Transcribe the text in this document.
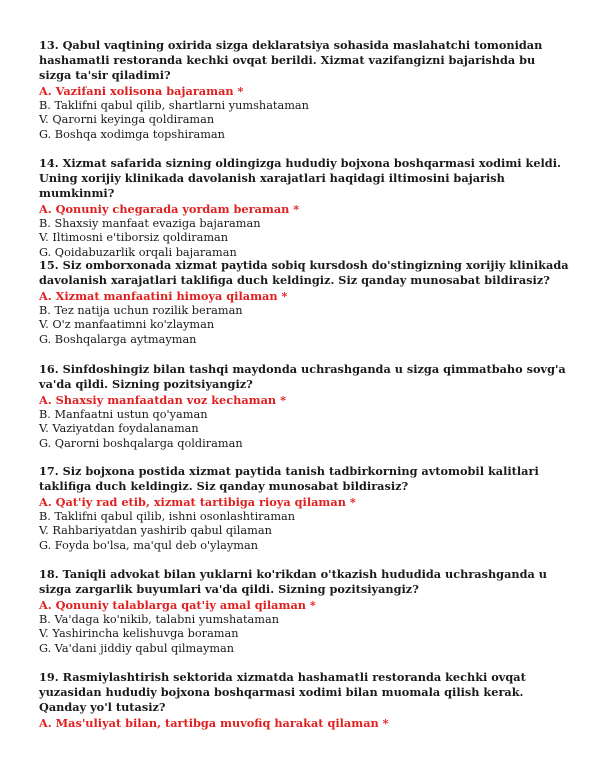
13. Qabul vaqtining oxirida sizga deklaratsiya sohasida maslahatchi tomonidan hashamatli restoranda kechki ovqat berildi. Xizmat vazifangizni bajarishda bu sizga ta'sir qiladimi?

A. Vazifani xolisona bajaraman *

B. Taklifni qabul qilib, shartlarni yumshataman

V. Qarorni keyinga qoldiraman

G. Boshqa xodimga topshiraman

14. Xizmat safarida sizning oldingizga hududiy bojxona boshqarmasi xodimi keldi. Uning xorijiy klinikada davolanish xarajatlari haqidagi iltimosini bajarish mumkinmi?

A. Qonuniy chegarada yordam beraman *

B. Shaxsiy manfaat evaziga bajaraman

V. Iltimosni e'tiborsiz qoldiraman

G. Qoidabuzarlik orqali bajaraman

15. Siz omborxonada xizmat paytida sobiq kursdosh do'stingizning xorijiy klinikada davolanish xarajatlari taklifiga duch keldingiz. Siz qanday munosabat bildirasiz?

A. Xizmat manfaatini himoya qilaman *

B. Tez natija uchun rozilik beraman

V. O'z manfaatimni ko'zlayman

G. Boshqalarga aytmayman

16. Sinfdoshingiz bilan tashqi maydonda uchrashganda u sizga qimmatbaho sovg'a va'da qildi. Sizning pozitsiyangiz?

A. Shaxsiy manfaatdan voz kechaman *

B. Manfaatni ustun qo'yaman

V. Vaziyatdan foydalanaman

G. Qarorni boshqalarga qoldiraman

17. Siz bojxona postida xizmat paytida tanish tadbirkorning avtomobil kalitlari taklifiga duch keldingiz. Siz qanday munosabat bildirasiz?

A. Qat'iy rad etib, xizmat tartibiga rioya qilaman *

B. Taklifni qabul qilib, ishni osonlashtiraman

V. Rahbariyatdan yashirib qabul qilaman

G. Foyda bo'lsa, ma'qul deb o'ylayman

18. Taniqli advokat bilan yuklarni ko'rikdan o'tkazish hududida uchrashganda u sizga zargarlik buyumlari va'da qildi. Sizning pozitsiyangiz?

A. Qonuniy talablarga qat'iy amal qilaman *

B. Va'daga ko'nikib, talabni yumshataman

V. Yashirincha kelishuvga boraman

G. Va'dani jiddiy qabul qilmayman

19. Rasmiylashtirish sektorida xizmatda hashamatli restoranda kechki ovqat yuzasidan hududiy bojxona boshqarmasi xodimi bilan muomala qilish kerak. Qanday yo'l tutasiz?

A. Mas'uliyat bilan, tartibga muvofiq harakat qilaman *
